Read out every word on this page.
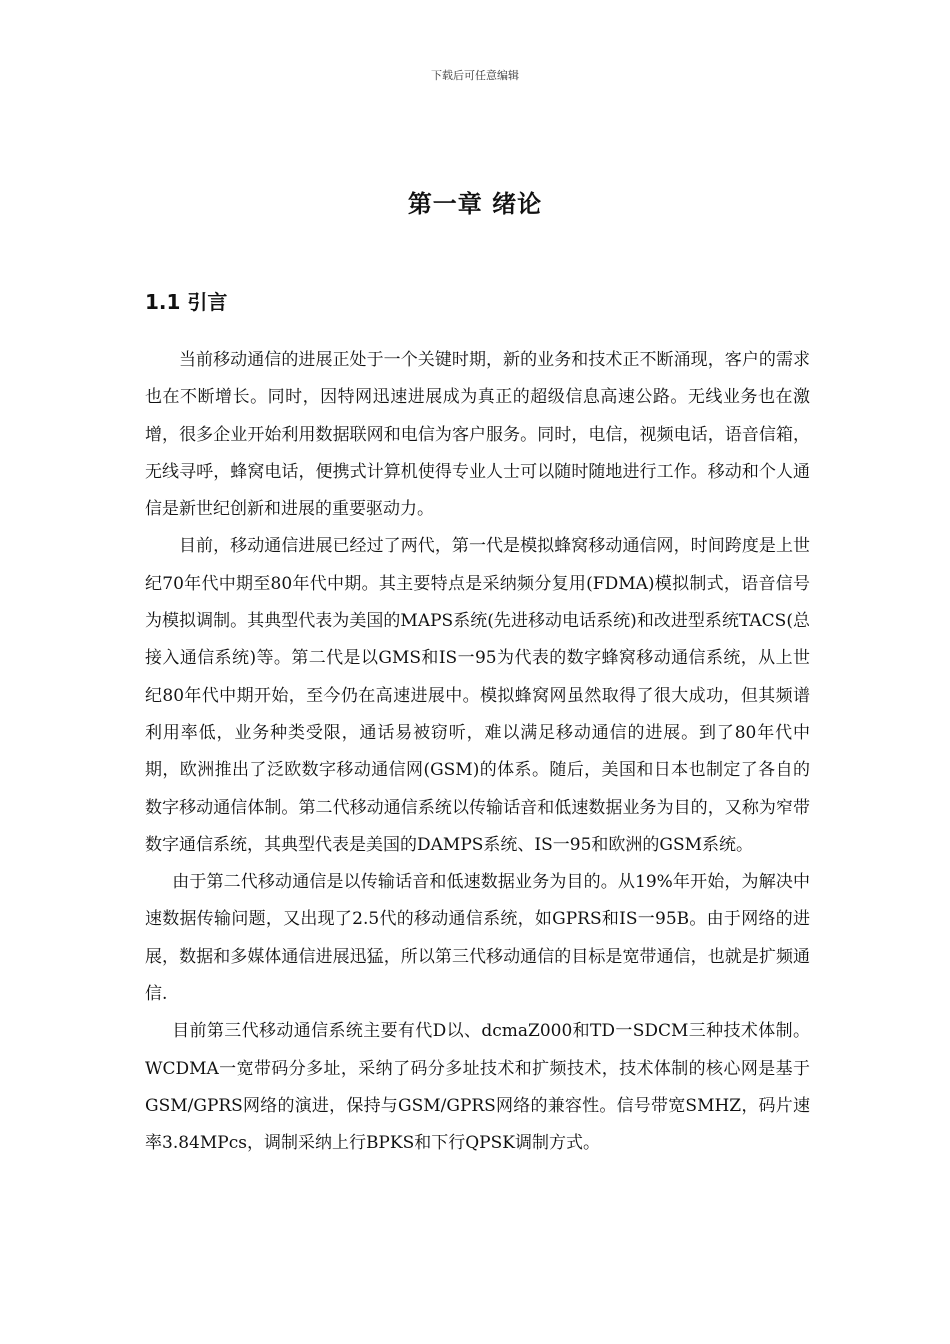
下载后可任意编辑
第一章 绪论
1.1 引言

当前移动通信的进展正处于一个关键时期，新的业务和技术正不断涌现，客户的需求也在不断增长。同时，因特网迅速进展成为真正的超级信息高速公路。无线业务也在激增，很多企业开始利用数据联网和电信为客户服务。同时，电信，视频电话，语音信箱，无线寻呼，蜂窝电话，便携式计算机使得专业人士可以随时随地进行工作。移动和个人通信是新世纪创新和进展的重要驱动力。

目前，移动通信进展已经过了两代，第一代是模拟蜂窝移动通信网，时间跨度是上世纪70年代中期至80年代中期。其主要特点是采纳频分复用(FDMA)模拟制式，语音信号为模拟调制。其典型代表为美国的MAPS系统(先进移动电话系统)和改进型系统TACS(总接入通信系统)等。第二代是以GMS和IS一95为代表的数字蜂窝移动通信系统，从上世纪80年代中期开始，至今仍在高速进展中。模拟蜂窝网虽然取得了很大成功，但其频谱利用率低，业务种类受限，通话易被窃听，难以满足移动通信的进展。到了80年代中期，欧洲推出了泛欧数字移动通信网(GSM)的体系。随后，美国和日本也制定了各自的数字移动通信体制。第二代移动通信系统以传输话音和低速数据业务为目的，又称为窄带数字通信系统，其典型代表是美国的DAMPS系统、IS一95和欧洲的GSM系统。

由于第二代移动通信是以传输话音和低速数据业务为目的。从19%年开始，为解决中速数据传输问题，又出现了2.5代的移动通信系统，如GPRS和IS一95B。由于网络的进展，数据和多媒体通信进展迅猛，所以第三代移动通信的目标是宽带通信，也就是扩频通信.

目前第三代移动通信系统主要有代D以、dcmaZ000和TD一SDCM三种技术体制。WCDMA一宽带码分多址，采纳了码分多址技术和扩频技术，技术体制的核心网是基于GSM/GPRS网络的演进，保持与GSM/GPRS网络的兼容性。信号带宽SMHZ，码片速率3.84MPcs，调制采纳上行BPKS和下行QPSK调制方式。
